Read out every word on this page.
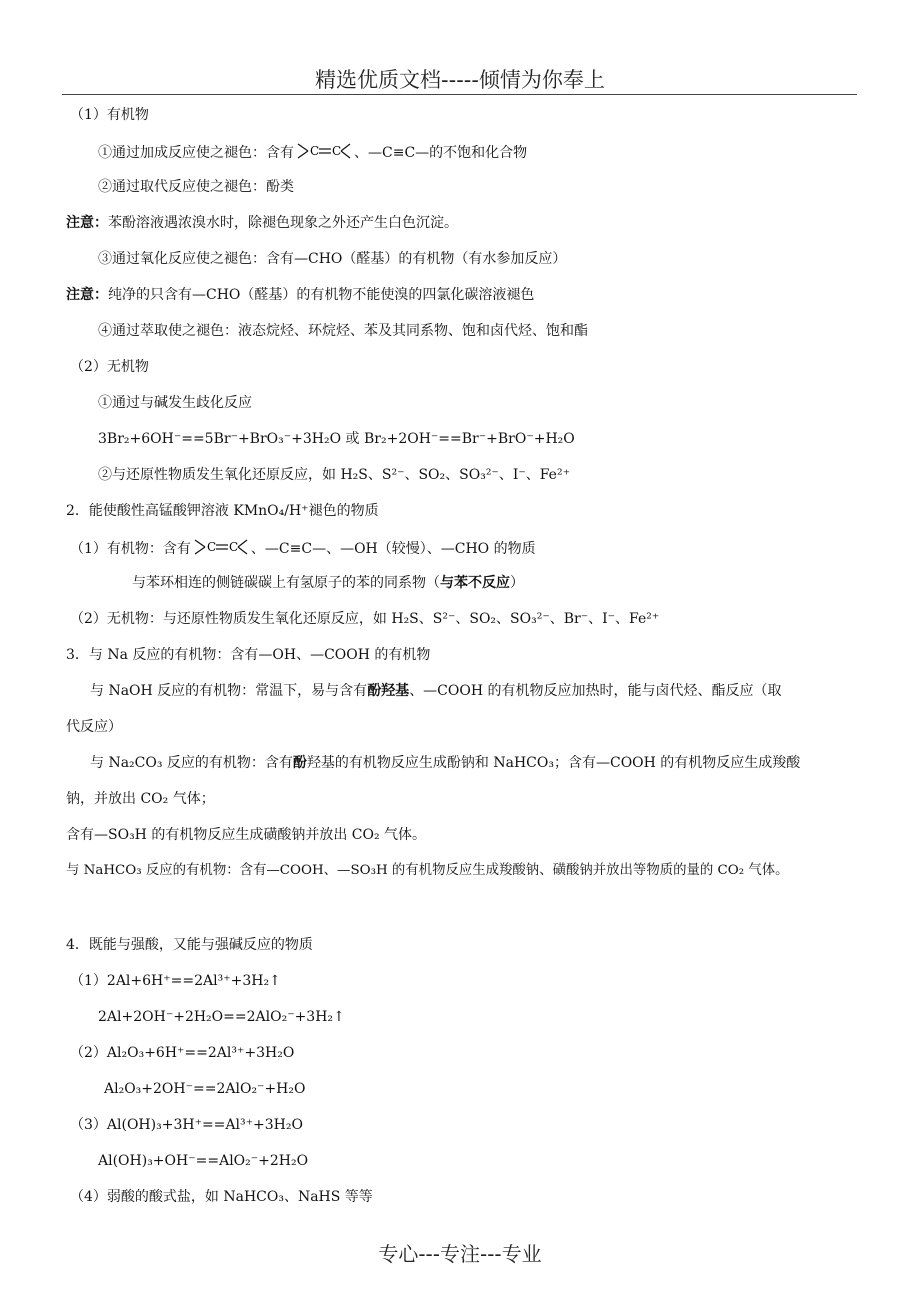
精选优质文档-----倾情为你奉上
（1）有机物
①通过加成反应使之褪色：含有 C C 、—C≡C—的不饱和化合物
②通过取代反应使之褪色：酚类
注意：苯酚溶液遇浓溴水时，除褪色现象之外还产生白色沉淀。
③通过氧化反应使之褪色：含有—CHO（醛基）的有机物（有水参加反应）
注意：纯净的只含有—CHO（醛基）的有机物不能使溴的四氯化碳溶液褪色
④通过萃取使之褪色：液态烷烃、环烷烃、苯及其同系物、饱和卤代烃、饱和酯
（2）无机物
①通过与碱发生歧化反应
3Br₂+6OH⁻==5Br⁻+BrO₃⁻+3H₂O 或 Br₂+2OH⁻==Br⁻+BrO⁻+H₂O
②与还原性物质发生氧化还原反应，如 H₂S、S²⁻、SO₂、SO₃²⁻、I⁻、Fe²⁺
2．能使酸性高锰酸钾溶液 KMnO₄/H⁺褪色的物质
（1）有机物：含有 C C 、—C≡C—、—OH（较慢）、—CHO 的物质
与苯环相连的侧链碳碳上有氢原子的苯的同系物（与苯不反应）
（2）无机物：与还原性物质发生氧化还原反应，如 H₂S、S²⁻、SO₂、SO₃²⁻、Br⁻、I⁻、Fe²⁺
3．与 Na 反应的有机物：含有—OH、—COOH 的有机物
与 NaOH 反应的有机物：常温下，易与含有酚羟基、—COOH 的有机物反应加热时，能与卤代烃、酯反应（取
代反应）
与 Na₂CO₃ 反应的有机物：含有酚羟基的有机物反应生成酚钠和 NaHCO₃；含有—COOH 的有机物反应生成羧酸
钠，并放出 CO₂ 气体；
含有—SO₃H 的有机物反应生成磺酸钠并放出 CO₂ 气体。
与 NaHCO₃ 反应的有机物：含有—COOH、—SO₃H 的有机物反应生成羧酸钠、磺酸钠并放出等物质的量的 CO₂ 气体。
4．既能与强酸，又能与强碱反应的物质
（1）2Al+6H⁺==2Al³⁺+3H₂↑
2Al+2OH⁻+2H₂O==2AlO₂⁻+3H₂↑
（2）Al₂O₃+6H⁺==2Al³⁺+3H₂O
Al₂O₃+2OH⁻==2AlO₂⁻+H₂O
（3）Al(OH)₃+3H⁺==Al³⁺+3H₂O
Al(OH)₃+OH⁻==AlO₂⁻+2H₂O
（4）弱酸的酸式盐，如 NaHCO₃、NaHS 等等
专心---专注---专业
